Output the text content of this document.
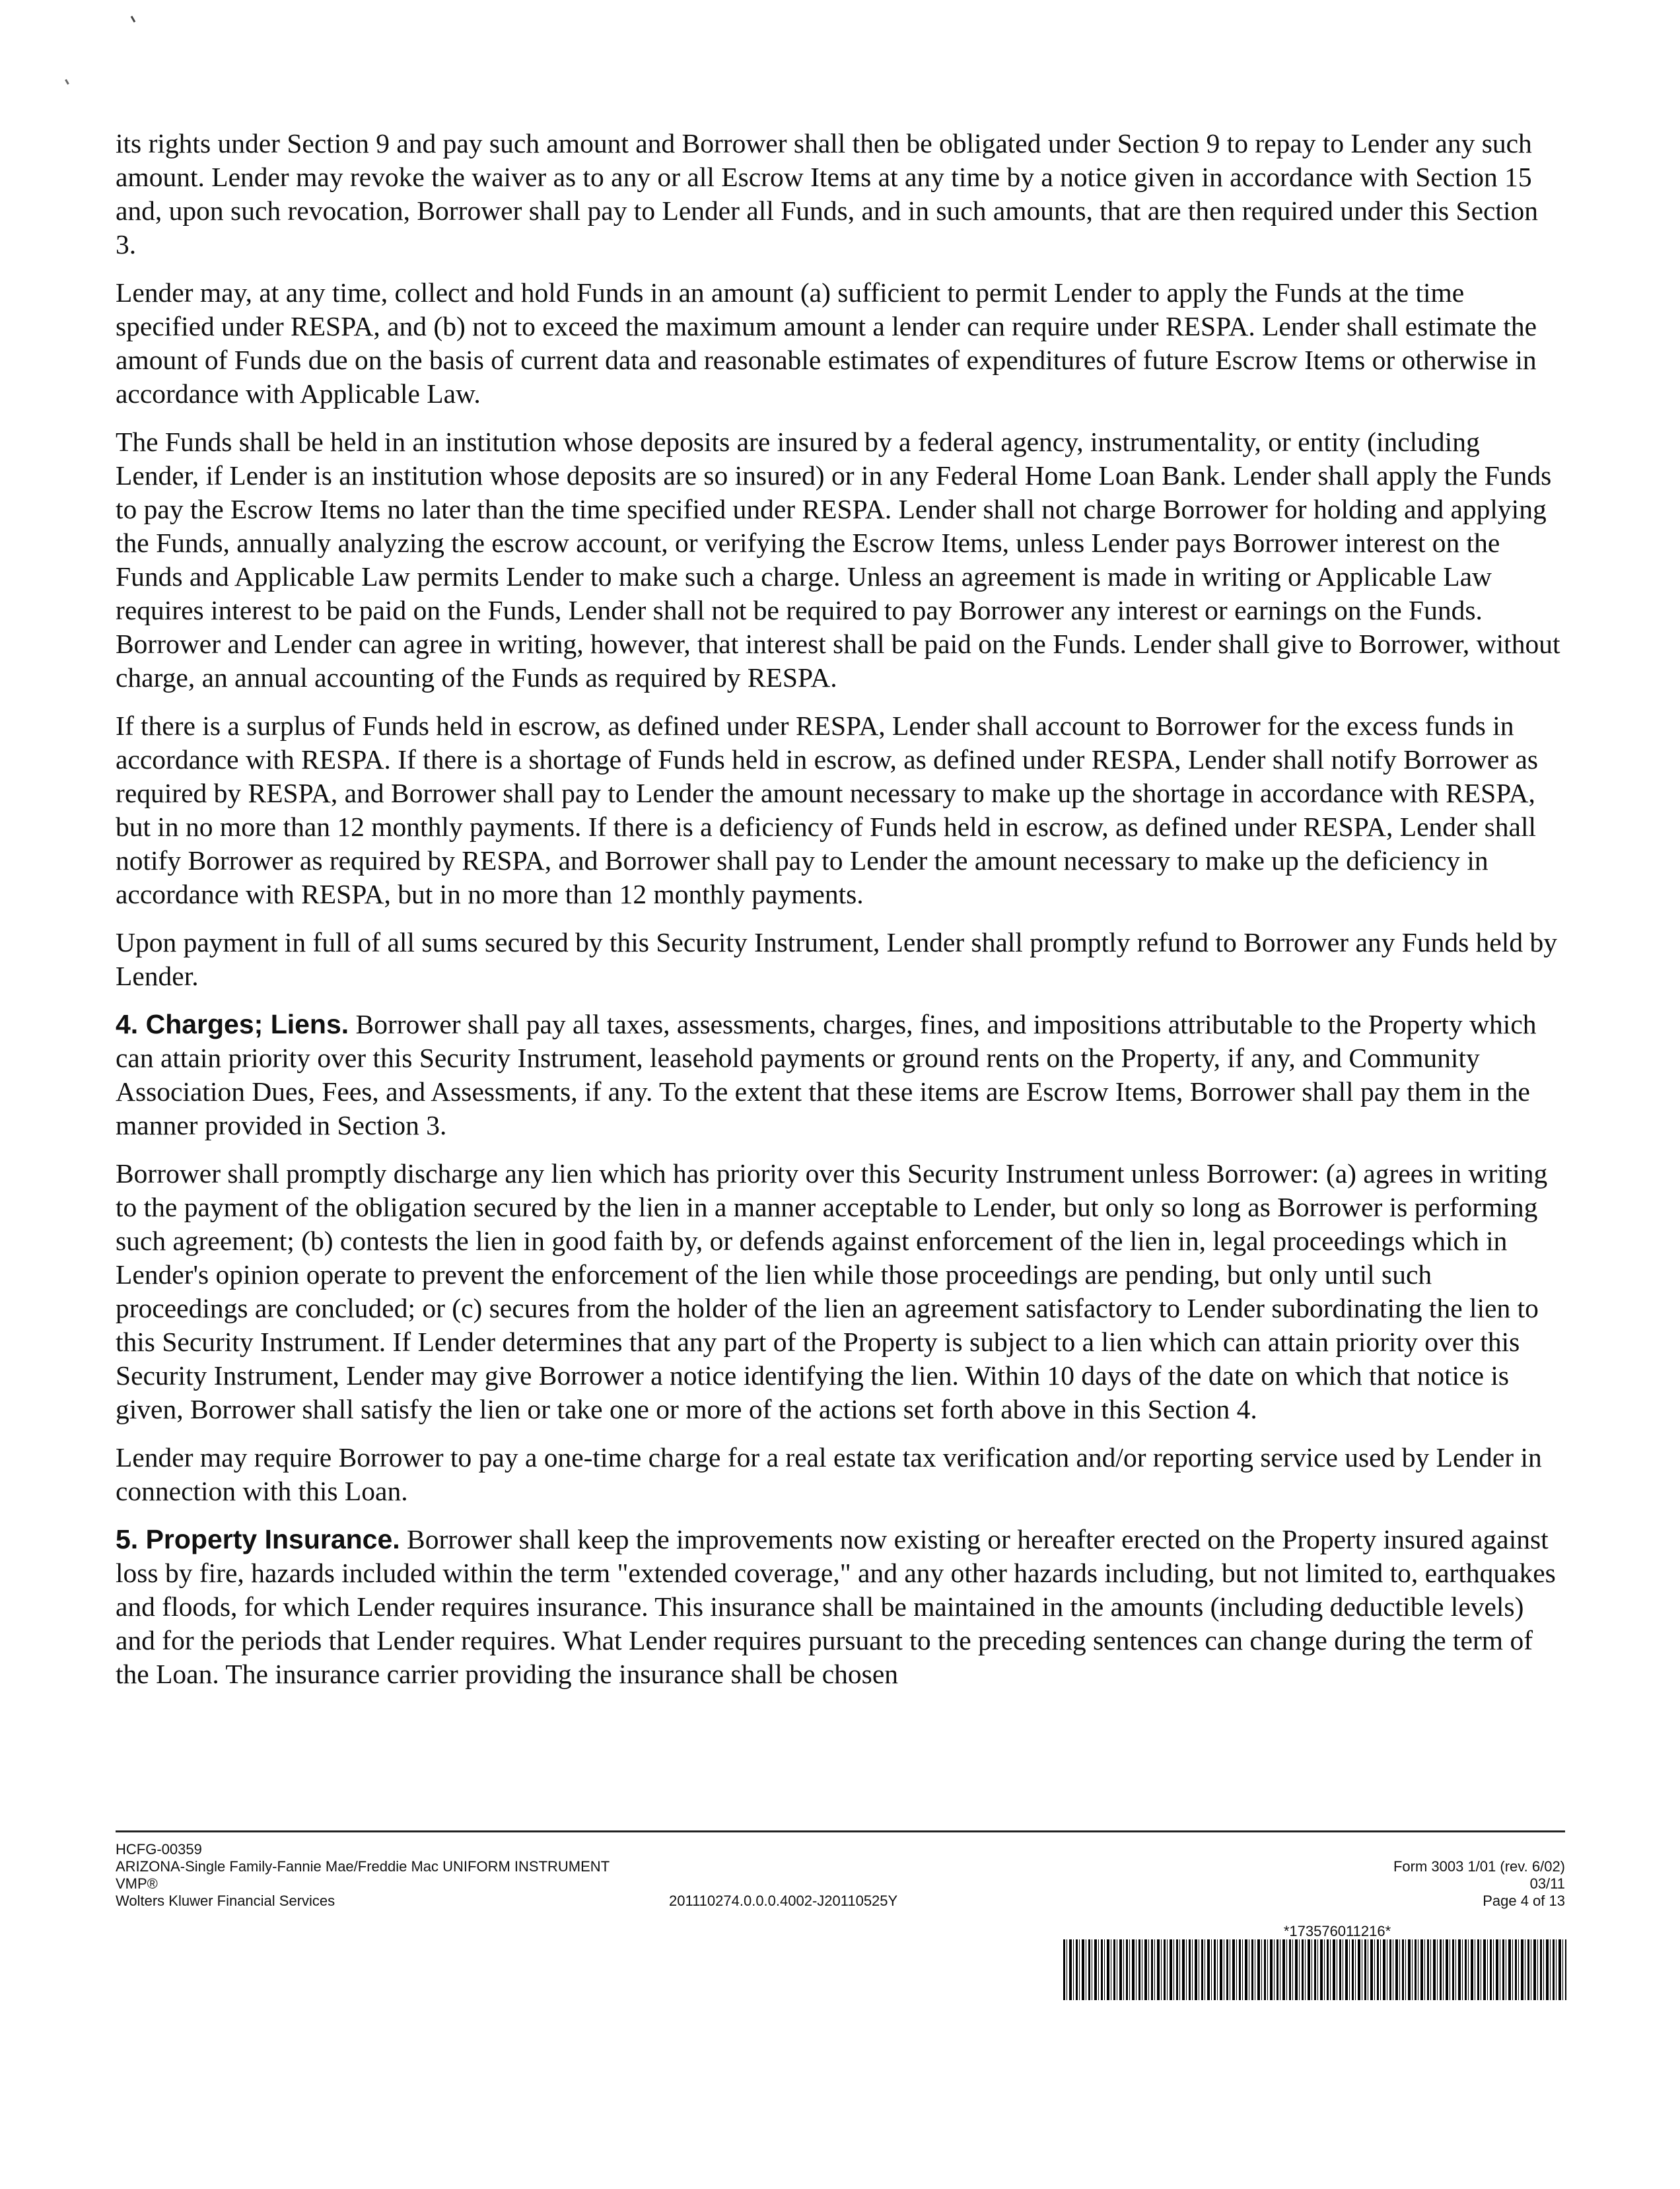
its rights under Section 9 and pay such amount and Borrower shall then be obligated under Section 9 to repay to Lender any such amount. Lender may revoke the waiver as to any or all Escrow Items at any time by a notice given in accordance with Section 15 and, upon such revocation, Borrower shall pay to Lender all Funds, and in such amounts, that are then required under this Section 3.

Lender may, at any time, collect and hold Funds in an amount (a) sufficient to permit Lender to apply the Funds at the time specified under RESPA, and (b) not to exceed the maximum amount a lender can require under RESPA. Lender shall estimate the amount of Funds due on the basis of current data and reasonable estimates of expenditures of future Escrow Items or otherwise in accordance with Applicable Law.

The Funds shall be held in an institution whose deposits are insured by a federal agency, instrumentality, or entity (including Lender, if Lender is an institution whose deposits are so insured) or in any Federal Home Loan Bank. Lender shall apply the Funds to pay the Escrow Items no later than the time specified under RESPA. Lender shall not charge Borrower for holding and applying the Funds, annually analyzing the escrow account, or verifying the Escrow Items, unless Lender pays Borrower interest on the Funds and Applicable Law permits Lender to make such a charge. Unless an agreement is made in writing or Applicable Law requires interest to be paid on the Funds, Lender shall not be required to pay Borrower any interest or earnings on the Funds. Borrower and Lender can agree in writing, however, that interest shall be paid on the Funds. Lender shall give to Borrower, without charge, an annual accounting of the Funds as required by RESPA.

If there is a surplus of Funds held in escrow, as defined under RESPA, Lender shall account to Borrower for the excess funds in accordance with RESPA. If there is a shortage of Funds held in escrow, as defined under RESPA, Lender shall notify Borrower as required by RESPA, and Borrower shall pay to Lender the amount necessary to make up the shortage in accordance with RESPA, but in no more than 12 monthly payments. If there is a deficiency of Funds held in escrow, as defined under RESPA, Lender shall notify Borrower as required by RESPA, and Borrower shall pay to Lender the amount necessary to make up the deficiency in accordance with RESPA, but in no more than 12 monthly payments.

Upon payment in full of all sums secured by this Security Instrument, Lender shall promptly refund to Borrower any Funds held by Lender.

4. Charges; Liens. Borrower shall pay all taxes, assessments, charges, fines, and impositions attributable to the Property which can attain priority over this Security Instrument, leasehold payments or ground rents on the Property, if any, and Community Association Dues, Fees, and Assessments, if any. To the extent that these items are Escrow Items, Borrower shall pay them in the manner provided in Section 3.

Borrower shall promptly discharge any lien which has priority over this Security Instrument unless Borrower: (a) agrees in writing to the payment of the obligation secured by the lien in a manner acceptable to Lender, but only so long as Borrower is performing such agreement; (b) contests the lien in good faith by, or defends against enforcement of the lien in, legal proceedings which in Lender's opinion operate to prevent the enforcement of the lien while those proceedings are pending, but only until such proceedings are concluded; or (c) secures from the holder of the lien an agreement satisfactory to Lender subordinating the lien to this Security Instrument. If Lender determines that any part of the Property is subject to a lien which can attain priority over this Security Instrument, Lender may give Borrower a notice identifying the lien. Within 10 days of the date on which that notice is given, Borrower shall satisfy the lien or take one or more of the actions set forth above in this Section 4.

Lender may require Borrower to pay a one-time charge for a real estate tax verification and/or reporting service used by Lender in connection with this Loan.

5. Property Insurance. Borrower shall keep the improvements now existing or hereafter erected on the Property insured against loss by fire, hazards included within the term "extended coverage," and any other hazards including, but not limited to, earthquakes and floods, for which Lender requires insurance. This insurance shall be maintained in the amounts (including deductible levels) and for the periods that Lender requires. What Lender requires pursuant to the preceding sentences can change during the term of the Loan. The insurance carrier providing the insurance shall be chosen

HCFG-00359
ARIZONA-Single Family-Fannie Mae/Freddie Mac UNIFORM INSTRUMENT
VMP®
Wolters Kluwer Financial Services	201110274.0.0.0.4002-J20110525Y
Form 3003 1/01 (rev. 6/02)
03/11
Page 4 of 13
*173576011216*
